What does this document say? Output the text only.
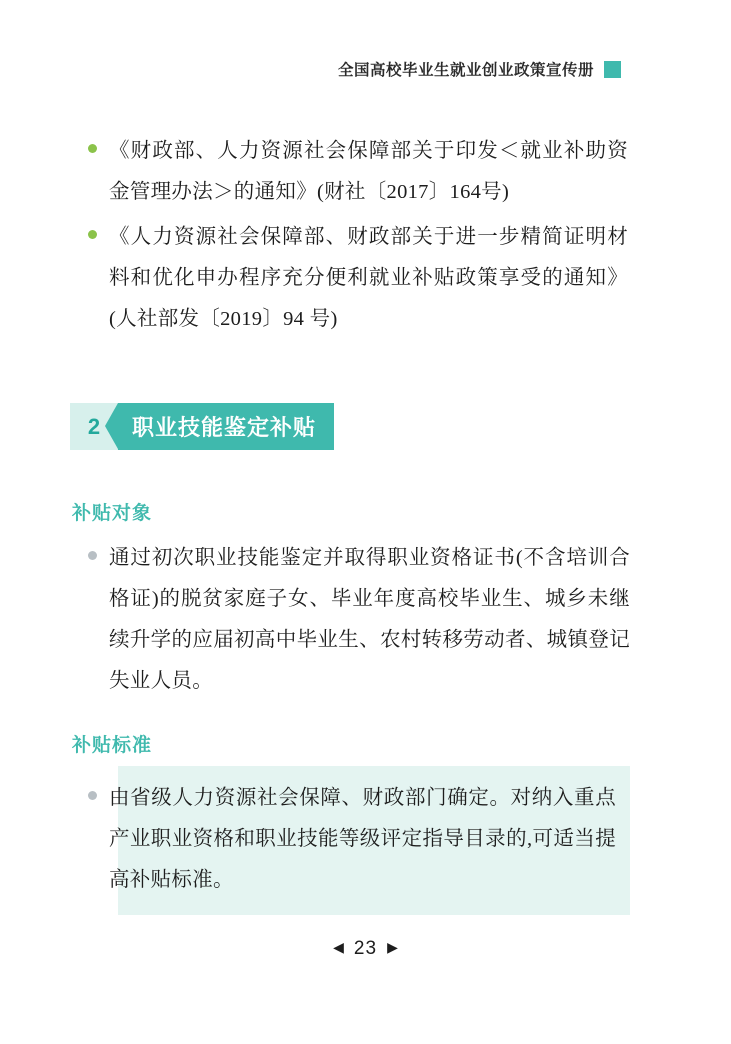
全国高校毕业生就业创业政策宣传册
《财政部、人力资源社会保障部关于印发＜就业补助资金管理办法＞的通知》(财社〔2017〕164号)
《人力资源社会保障部、财政部关于进一步精简证明材料和优化申办程序充分便利就业补贴政策享受的通知》(人社部发〔2019〕94 号)
2 职业技能鉴定补贴
补贴对象
通过初次职业技能鉴定并取得职业资格证书(不含培训合格证)的脱贫家庭子女、毕业年度高校毕业生、城乡未继续升学的应届初高中毕业生、农村转移劳动者、城镇登记失业人员。
补贴标准
由省级人力资源社会保障、财政部门确定。对纳入重点产业职业资格和职业技能等级评定指导目录的,可适当提高补贴标准。
◀ 23 ▶
